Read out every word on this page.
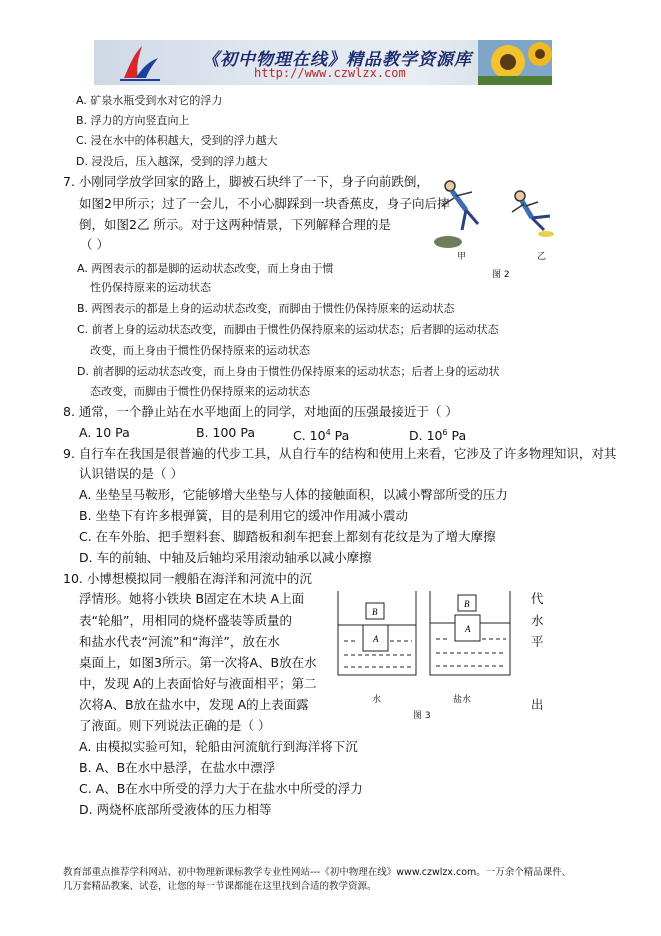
《初中物理在线》精品教学资源库
http://www.czwlzx.com
A. 矿泉水瓶受到水对它的浮力
B. 浮力的方向竖直向上
C. 浸在水中的体积越大，受到的浮力越大
D. 浸没后，压入越深，受到的浮力越大
7. 小刚同学放学回家的路上，脚被石块绊了一下，身子向前跌倒，
如图2甲所示；过了一会儿，不小心脚踩到一块香蕉皮，身子向后摔
倒，如图2乙 所示。对于这两种情景，下列解释合理的是
（ ）
A. 两图表示的都是脚的运动状态改变，而上身由于惯
性仍保持原来的运动状态
B. 两图表示的都是上身的运动状态改变，而脚由于惯性仍保持原来的运动状态
C. 前者上身的运动状态改变，而脚由于惯性仍保持原来的运动状态；后者脚的运动状态
改变，而上身由于惯性仍保持原来的运动状态
D. 前者脚的运动状态改变，而上身由于惯性仍保持原来的运动状态；后者上身的运动状
态改变，而脚由于惯性仍保持原来的运动状态
甲	乙
图 2
8. 通常，一个静止站在水平地面上的同学，对地面的压强最接近于（ ）
A. 10 Pa	B. 100 Pa	C. $10^4$ Pa	D. $10^6$ Pa
9. 自行车在我国是很普遍的代步工具，从自行车的结构和使用上来看，它涉及了许多物理知识，对其
认识错误的是（ ）
A. 坐垫呈马鞍形，它能够增大坐垫与人体的接触面积，以减小臀部所受的压力
B. 坐垫下有许多根弹簧，目的是利用它的缓冲作用减小震动
C. 在车外胎、把手塑料套、脚踏板和刹车把套上都刻有花纹是为了增大摩擦
D. 车的前轴、中轴及后轴均采用滚动轴承以减小摩擦
10. 小博想模拟同一艘船在海洋和河流中的沉
浮情形。她将小铁块 B固定在木块 A上面
表“轮船”，用相同的烧杯盛装等质量的
和盐水代表“河流”和“海洋”，放在水
桌面上，如图3所示。第一次将A、B放在水
中，发现 A的上表面恰好与液面相平；第二
次将A、B放在盐水中，发现 A的上表面露
了液面。则下列说法正确的是（ ）
代
水
平
出
A. 由模拟实验可知，轮船由河流航行到海洋将下沉
B. A、B在水中悬浮，在盐水中漂浮
C. A、B在水中所受的浮力大于在盐水中所受的浮力
D. 两烧杯底部所受液体的压力相等
B
A
B
A
水	盐水
图 3
教育部重点推荐学科网站、初中物理新课标教学专业性网站---《初中物理在线》www.czwlzx.com。一万余个精品课件、
几万套精品教案、试卷，让您的每一节课都能在这里找到合适的教学资源。
